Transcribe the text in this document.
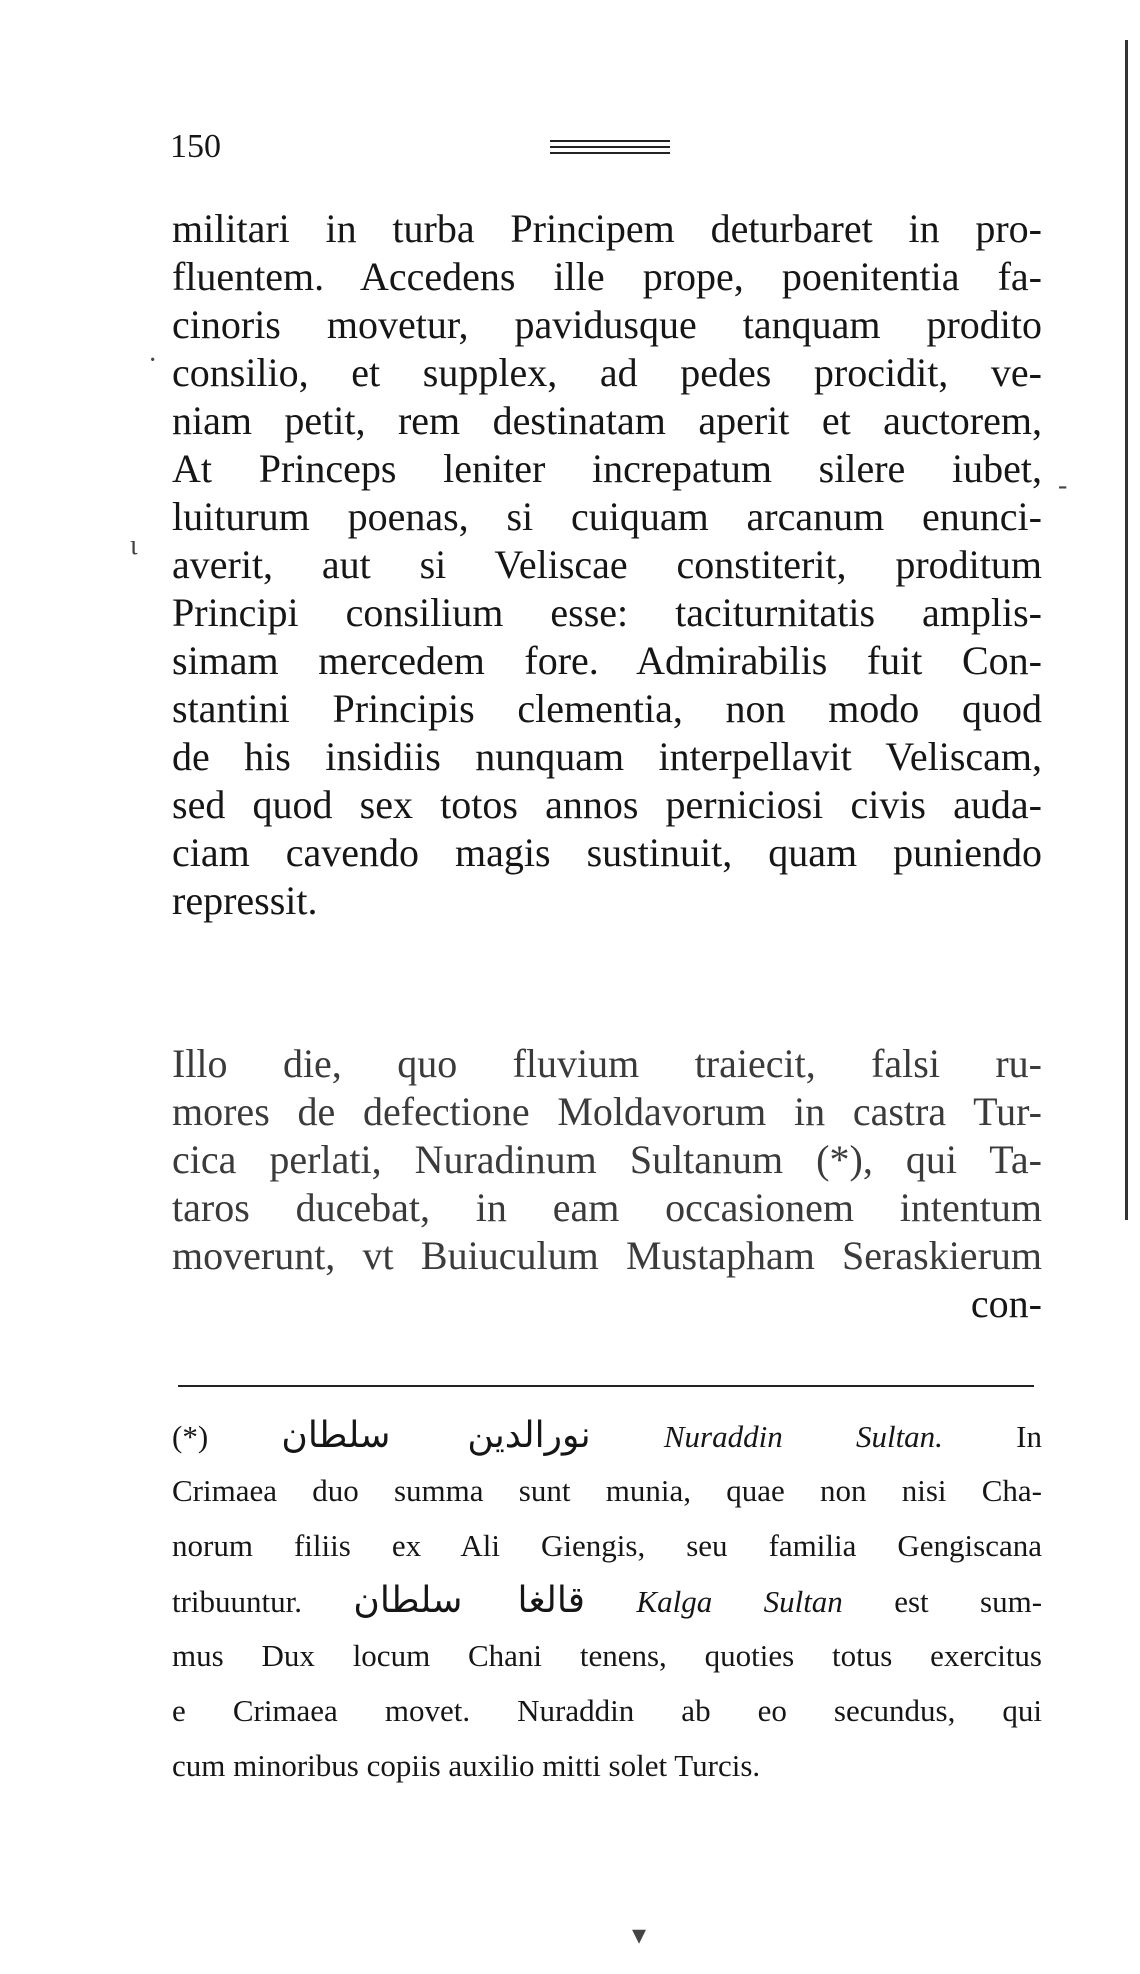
150
militari in turba Principem deturbaret in pro-
fluentem. Accedens ille prope, poenitentia fa-
cinoris movetur, pavidusque tanquam prodito
consilio, et supplex, ad pedes procidit, ve-
niam petit, rem destinatam aperit et auctorem,
At Princeps leniter increpatum silere iubet,
luiturum poenas, si cuiquam arcanum enunci-
averit, aut si Veliscae constiterit, proditum
Principi consilium esse: taciturnitatis amplis-
simam mercedem fore. Admirabilis fuit Con-
stantini Principis clementia, non modo quod
de his insidiis nunquam interpellavit Veliscam,
sed quod sex totos annos perniciosi civis auda-
ciam cavendo magis sustinuit, quam puniendo
repressit.
Illo die, quo fluvium traiecit, falsi ru-
mores de defectione Moldavorum in castra Tur-
cica perlati, Nuradinum Sultanum (*), qui Ta-
taros ducebat, in eam occasionem intentum
moverunt, vt Buiuculum Mustapham Seraskierum
con-
(*) نورالدين سلطان Nuraddin Sultan. In
Crimaea duo summa sunt munia, quae non nisi Cha-
norum filiis ex Ali Giengis, seu familia Gengiscana
tribuuntur. قالغا سلطان Kalga Sultan est sum-
mus Dux locum Chani tenens, quoties totus exercitus
e Crimaea movet. Nuraddin ab eo secundus, qui
cum minoribus copiis auxilio mitti solet Turcis.
·
-
ι
▾
